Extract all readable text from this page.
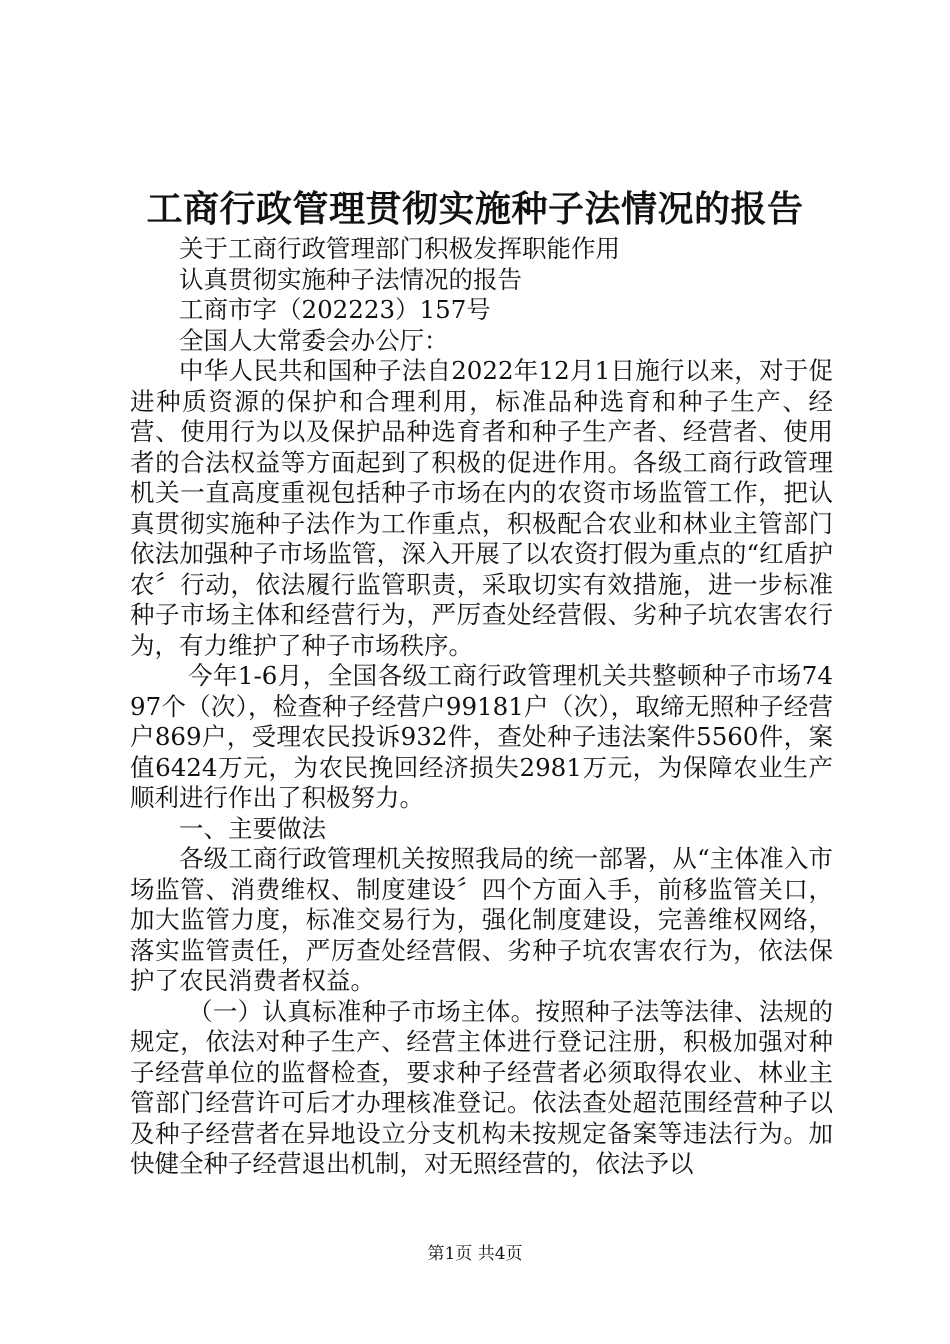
工商行政管理贯彻实施种子法情况的报告

关于工商行政管理部门积极发挥职能作用

认真贯彻实施种子法情况的报告

工商市字（202223）157号

全国人大常委会办公厅：

中华人民共和国种子法自2022年12月1日施行以来，对于促进种质资源的保护和合理利用，标准品种选育和种子生产、经营、使用行为以及保护品种选育者和种子生产者、经营者、使用者的合法权益等方面起到了积极的促进作用。各级工商行政管理机关一直高度重视包括种子市场在内的农资市场监管工作，把认真贯彻实施种子法作为工作重点，积极配合农业和林业主管部门依法加强种子市场监管，深入开展了以农资打假为重点的“红盾护农〞行动，依法履行监管职责，采取切实有效措施，进一步标准种子市场主体和经营行为，严厉查处经营假、劣种子坑农害农行为，有力维护了种子市场秩序。

今年1-6月，全国各级工商行政管理机关共整顿种子市场7497个（次），检查种子经营户99181户（次），取缔无照种子经营户869户，受理农民投诉932件，查处种子违法案件5560件，案值6424万元，为农民挽回经济损失2981万元，为保障农业生产顺利进行作出了积极努力。

一、主要做法

各级工商行政管理机关按照我局的统一部署，从“主体准入市场监管、消费维权、制度建设〞四个方面入手，前移监管关口，加大监管力度，标准交易行为，强化制度建设，完善维权网络，落实监管责任，严厉查处经营假、劣种子坑农害农行为，依法保护了农民消费者权益。

（一）认真标准种子市场主体。按照种子法等法律、法规的规定，依法对种子生产、经营主体进行登记注册，积极加强对种子经营单位的监督检查，要求种子经营者必须取得农业、林业主管部门经营许可后才办理核准登记。依法查处超范围经营种子以及种子经营者在异地设立分支机构未按规定备案等违法行为。加快健全种子经营退出机制，对无照经营的，依法予以

第1页 共4页
